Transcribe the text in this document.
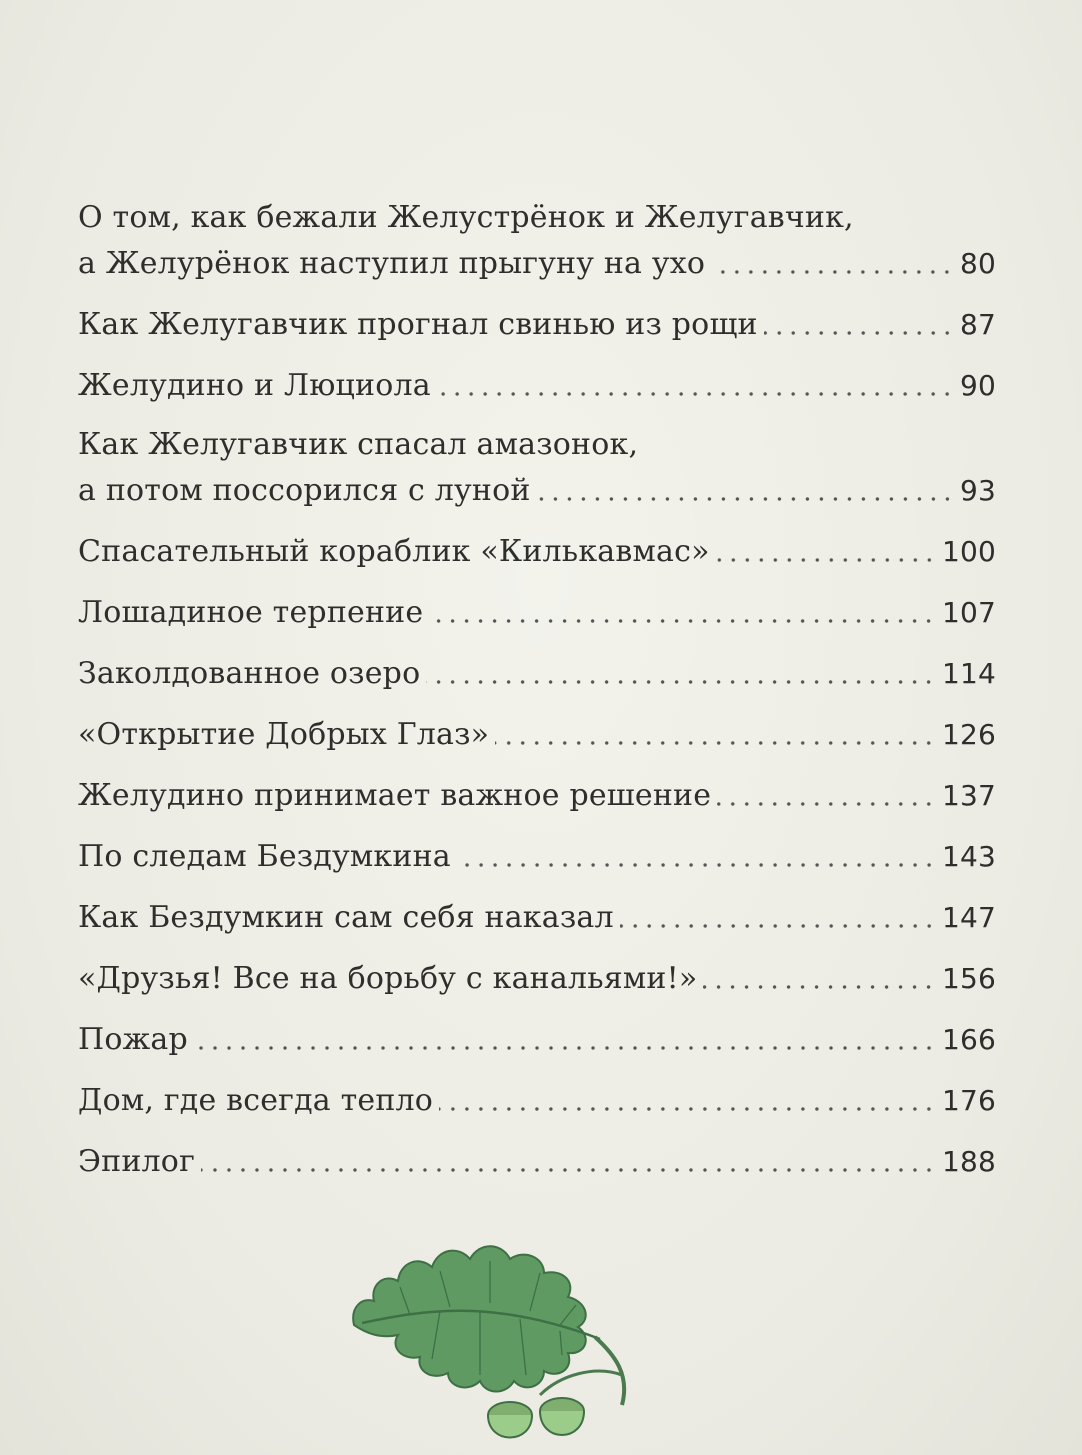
О том, как бежали Желустрёнок и Желугавчик,
а Желурёнок наступил прыгуну на ухо	80
Как Желугавчик прогнал свинью из рощи	87
Желудино и Люциола	90
Как Желугавчик спасал амазонок,
а потом поссорился с луной	93
Спасательный кораблик «Килькавмас»	100
Лошадиное терпение	107
Заколдованное озеро	114
«Открытие Добрых Глаз»	126
Желудино принимает важное решение	137
По следам Бездумкина	143
Как Бездумкин сам себя наказал	147
«Друзья! Все на борьбу с канальями!»	156
Пожар	166
Дом, где всегда тепло	176
Эпилог	188
